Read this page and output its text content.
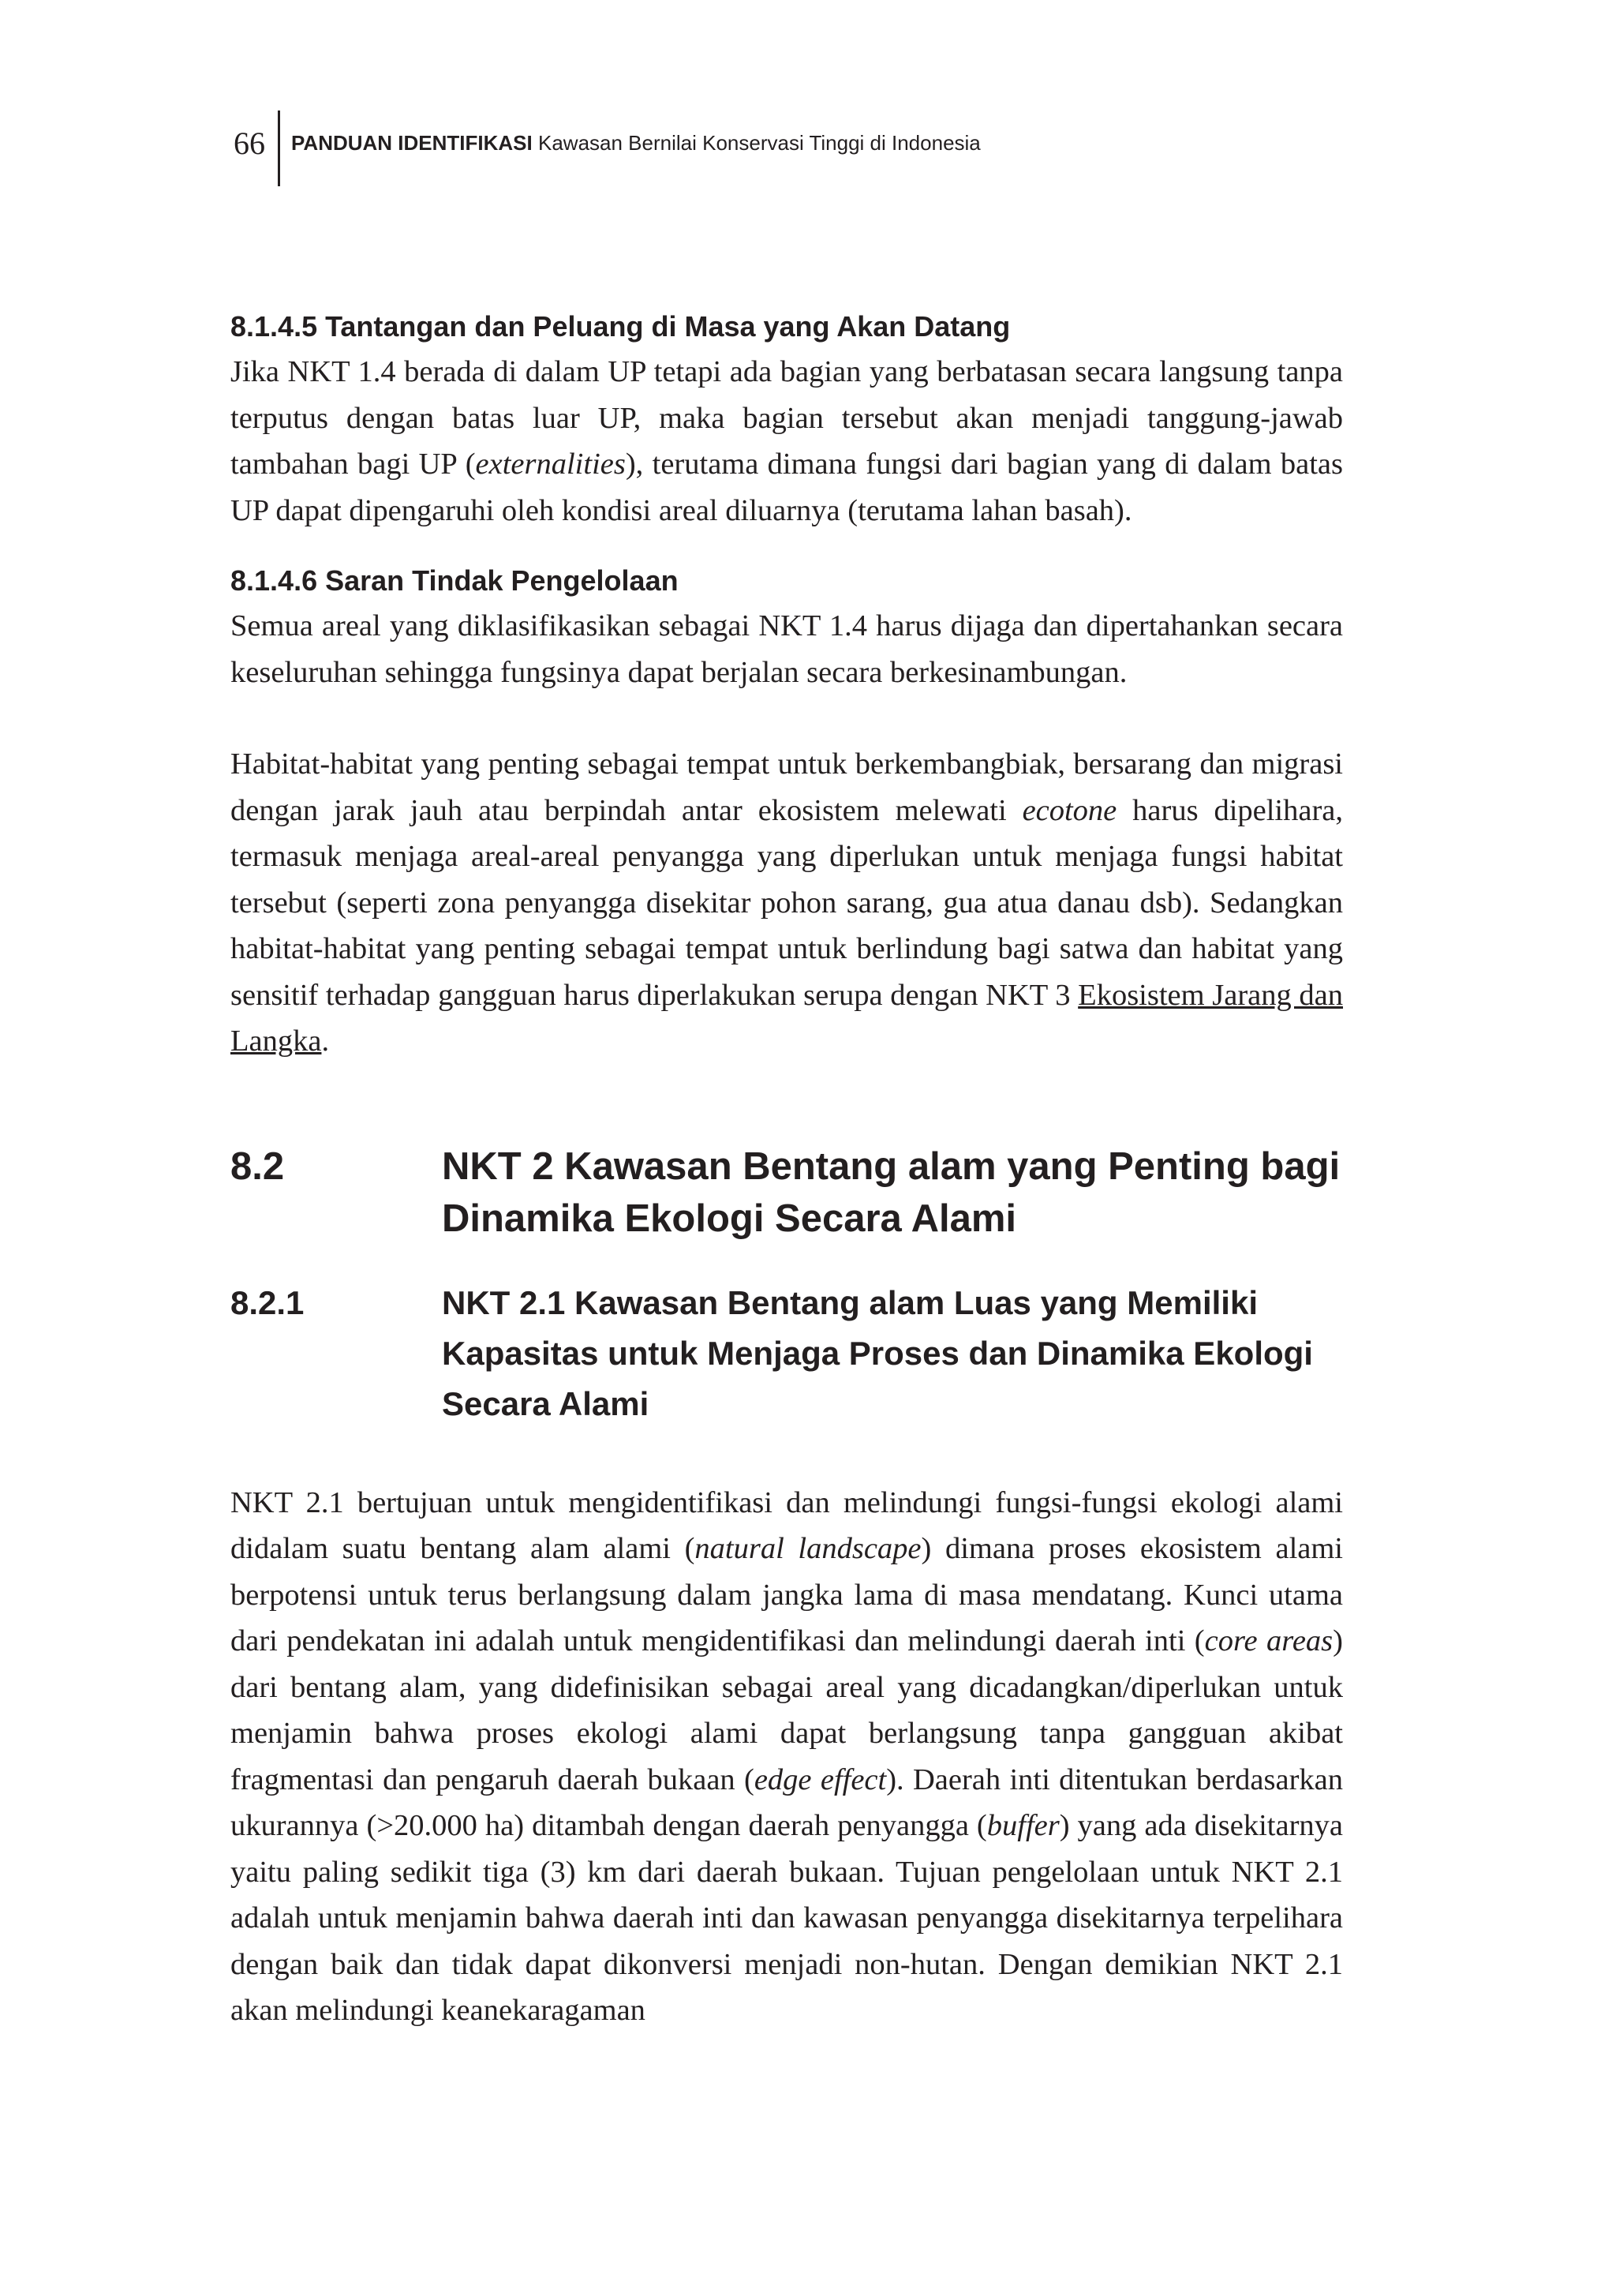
66	PANDUAN IDENTIFIKASI Kawasan Bernilai Konservasi Tinggi di Indonesia
8.1.4.5 Tantangan dan Peluang di Masa yang Akan Datang

Jika NKT 1.4 berada di dalam UP tetapi ada bagian yang berbatasan secara langsung tanpa terputus dengan batas luar UP, maka bagian tersebut akan menjadi tanggung-jawab tambahan bagi UP (externalities), terutama dimana fungsi dari bagian yang di dalam batas UP dapat dipengaruhi oleh kondisi areal diluarnya (terutama lahan basah).

8.1.4.6 Saran Tindak Pengelolaan

Semua areal yang diklasifikasikan sebagai NKT 1.4 harus dijaga dan dipertahankan secara keseluruhan sehingga fungsinya dapat berjalan secara berkesinambungan.

Habitat-habitat yang penting sebagai tempat untuk berkembangbiak, bersarang dan migrasi dengan jarak jauh atau berpindah antar ekosistem melewati ecotone harus dipelihara, termasuk menjaga areal-areal penyangga yang diperlukan untuk menjaga fungsi habitat tersebut (seperti zona penyangga disekitar pohon sarang, gua atua danau dsb). Sedangkan habitat-habitat yang penting sebagai tempat untuk berlindung bagi satwa dan habitat yang sensitif terhadap gangguan harus diperlakukan serupa dengan NKT 3 Ekosistem Jarang dan Langka.

8.2	NKT 2 Kawasan Bentang alam yang Penting bagi Dinamika Ekologi Secara Alami
8.2.1	NKT 2.1 Kawasan Bentang alam Luas yang Memiliki Kapasitas untuk Menjaga Proses dan Dinamika Ekologi Secara Alami

NKT 2.1 bertujuan untuk mengidentifikasi dan melindungi fungsi-fungsi ekologi alami didalam suatu bentang alam alami (natural landscape) dimana proses ekosistem alami berpotensi untuk terus berlangsung dalam jangka lama di masa mendatang. Kunci utama dari pendekatan ini adalah untuk mengidentifikasi dan melindungi daerah inti (core areas) dari bentang alam, yang didefinisikan sebagai areal yang dicadangkan/diperlukan untuk menjamin bahwa proses ekologi alami dapat berlangsung tanpa gangguan akibat fragmentasi dan pengaruh daerah bukaan (edge effect). Daerah inti ditentukan berdasarkan ukurannya (>20.000 ha) ditambah dengan daerah penyangga (buffer) yang ada disekitarnya yaitu paling sedikit tiga (3) km dari daerah bukaan. Tujuan pengelolaan untuk NKT 2.1 adalah untuk menjamin bahwa daerah inti dan kawasan penyangga disekitarnya terpelihara dengan baik dan tidak dapat dikonversi menjadi non-hutan. Dengan demikian NKT 2.1 akan melindungi keanekaragaman
